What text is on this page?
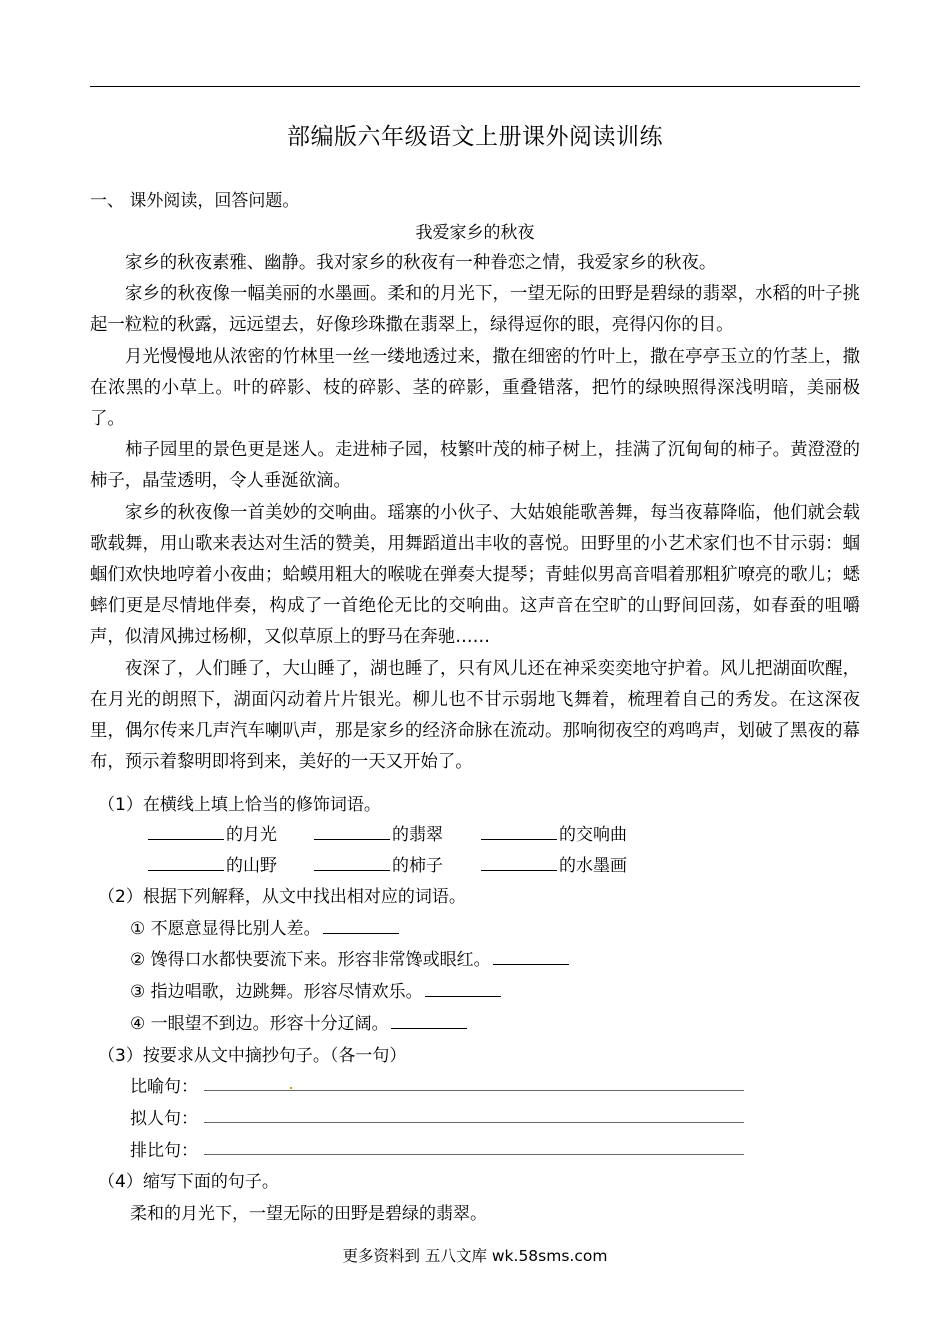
部编版六年级语文上册课外阅读训练
一、 课外阅读，回答问题。
我爱家乡的秋夜

家乡的秋夜素雅、幽静。我对家乡的秋夜有一种眷恋之情，我爱家乡的秋夜。

家乡的秋夜像一幅美丽的水墨画。柔和的月光下，一望无际的田野是碧绿的翡翠，水稻的叶子挑起一粒粒的秋露，远远望去，好像珍珠撒在翡翠上，绿得逗你的眼，亮得闪你的目。

月光慢慢地从浓密的竹林里一丝一缕地透过来，撒在细密的竹叶上，撒在亭亭玉立的竹茎上，撒在浓黑的小草上。叶的碎影、枝的碎影、茎的碎影，重叠错落，把竹的绿映照得深浅明暗，美丽极了。

柿子园里的景色更是迷人。走进柿子园，枝繁叶茂的柿子树上，挂满了沉甸甸的柿子。黄澄澄的柿子，晶莹透明，令人垂涎欲滴。

家乡的秋夜像一首美妙的交响曲。瑶寨的小伙子、大姑娘能歌善舞，每当夜幕降临，他们就会载歌载舞，用山歌来表达对生活的赞美，用舞蹈道出丰收的喜悦。田野里的小艺术家们也不甘示弱：蝈蝈们欢快地哼着小夜曲；蛤蟆用粗大的喉咙在弹奏大提琴；青蛙似男高音唱着那粗犷嘹亮的歌儿；蟋蟀们更是尽情地伴奏，构成了一首绝伦无比的交响曲。这声音在空旷的山野间回荡，如春蚕的咀嚼声，似清风拂过杨柳，又似草原上的野马在奔驰……

夜深了，人们睡了，大山睡了，湖也睡了，只有风儿还在神采奕奕地守护着。风儿把湖面吹醒，在月光的朗照下，湖面闪动着片片银光。柳儿也不甘示弱地飞舞着，梳理着自己的秀发。在这深夜里，偶尔传来几声汽车喇叭声，那是家乡的经济命脉在流动。那响彻夜空的鸡鸣声，划破了黑夜的幕布，预示着黎明即将到来，美好的一天又开始了。

（1）在横线上填上恰当的修饰词语。
的月光	的翡翠	的交响曲
的山野	的柿子	的水墨画
（2）根据下列解释，从文中找出相对应的词语。
① 不愿意显得比别人差。
② 馋得口水都快要流下来。形容非常馋或眼红。
③ 指边唱歌，边跳舞。形容尽情欢乐。
④ 一眼望不到边。形容十分辽阔。
（3）按要求从文中摘抄句子。（各一句）
比喻句：
拟人句：
排比句：
（4）缩写下面的句子。
柔和的月光下，一望无际的田野是碧绿的翡翠。
更多资料到 五八文库 wk.58sms.com
